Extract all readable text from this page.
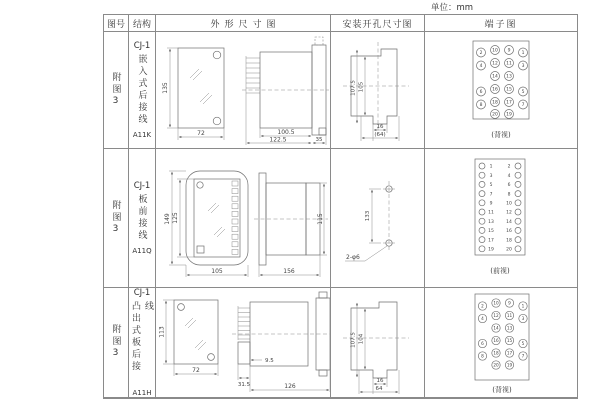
单位：mm
图号 结构	外形尺寸图	安装开孔尺寸图	端子图
附图3
CJ-1
嵌入式后接线
A11K
135
72	100.5
122.5	35
107.5 105
16
(64)
2 10 9 1
4 12 11 3
14 13
6 16 15 5
8 18 17 7
20 19
(背视)
附图3
CJ-1
板前接线
A11Q
149 125
105	156
115	133
2-φ6
1	2
3	4
5	6
7	8
9	10
11	12
13	14
15	16
17	18
19	20
(前视)
附图3
CJ-1
凸出式板后接线
A11H
113
72
9.5
31.5	126
107.5 104
16
64
2
10 9
1
4
12 11
3
14 13
6
16 15
5
8
18 17
7
20 19
(背视)
